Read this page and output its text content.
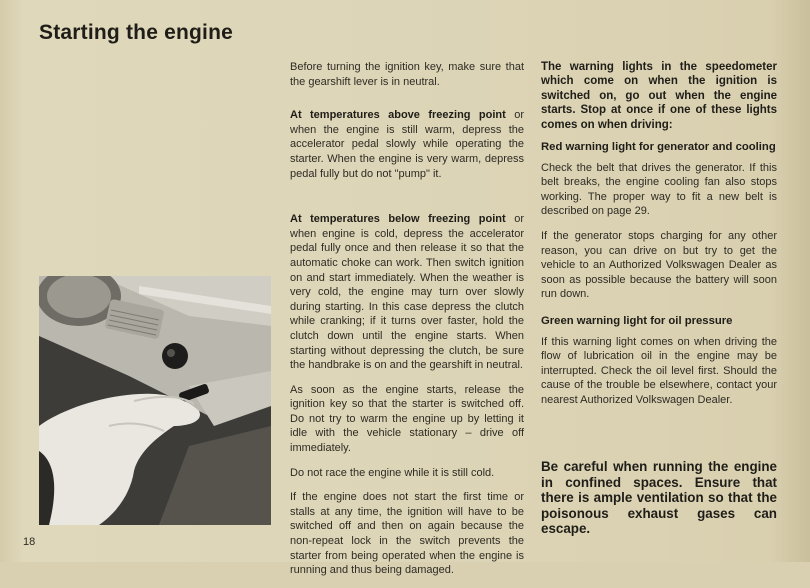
Starting the engine

Before turning the ignition key, make sure that the gearshift lever is in neutral.

At temperatures above freezing point or when the engine is still warm, depress the accelerator pedal slowly while operating the starter. When the engine is very warm, depress pedal fully but do not "pump" it.

At temperatures below freezing point or when engine is cold, depress the accelerator pedal fully once and then release it so that the automatic choke can work. Then switch ignition on and start immediately. When the weather is very cold, the engine may turn over slowly during starting. In this case depress the clutch while cranking; if it turns over faster, hold the clutch down until the engine starts. When starting without depressing the clutch, be sure the handbrake is on and the gearshift in neutral.

As soon as the engine starts, release the ignition key so that the starter is switched off. Do not try to warm the engine up by letting it idle with the vehicle stationary – drive off immediately.

Do not race the engine while it is still cold.

If the engine does not start the first time or stalls at any time, the ignition will have to be switched off and then on again because the non-repeat lock in the switch prevents the starter from being operated when the engine is running and thus being damaged.

The warning lights in the speedometer which come on when the ignition is switched on, go out when the engine starts. Stop at once if one of these lights comes on when driving:

Red warning light for generator and cooling

Check the belt that drives the generator. If this belt breaks, the engine cooling fan also stops working. The proper way to fit a new belt is described on page 29.

If the generator stops charging for any other reason, you can drive on but try to get the vehicle to an Authorized Volkswagen Dealer as soon as possible because the battery will soon run down.

Green warning light for oil pressure

If this warning light comes on when driving the flow of lubrication oil in the engine may be interrupted. Check the oil level first. Should the cause of the trouble be elsewhere, contact your nearest Authorized Volkswagen Dealer.

Be careful when running the engine in confined spaces. Ensure that there is ample ventilation so that the poisonous exhaust gases can escape.
18
